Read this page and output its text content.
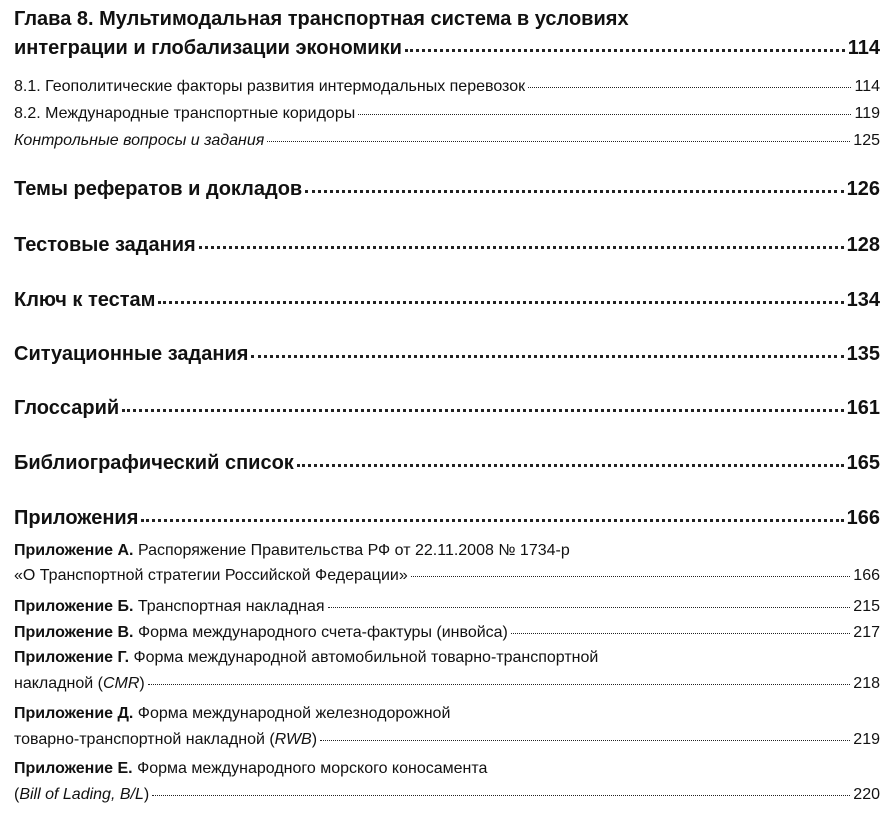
Глава 8. Мультимодальная транспортная система в условиях
интеграции и глобализации экономики	114
8.1. Геополитические факторы развития интермодальных перевозок	114
8.2. Международные транспортные коридоры	119
Контрольные вопросы и задания	125
Темы рефератов и докладов	126
Тестовые задания	128
Ключ к тестам	134
Ситуационные задания	135
Глоссарий	161
Библиографический список	165
Приложения	166
Приложение А. Распоряжение Правительства РФ от 22.11.2008 № 1734-р
«О Транспортной стратегии Российской Федерации»	166
Приложение Б. Транспортная накладная	215
Приложение В. Форма международного счета-фактуры (инвойса)	217
Приложение Г. Форма международной автомобильной товарно-транспортной
накладной (CMR)	218
Приложение Д. Форма международной железнодорожной
товарно-транспортной накладной (RWB)	219
Приложение Е. Форма международного морского коносамента
(Bill of Lading, B/L)	220
